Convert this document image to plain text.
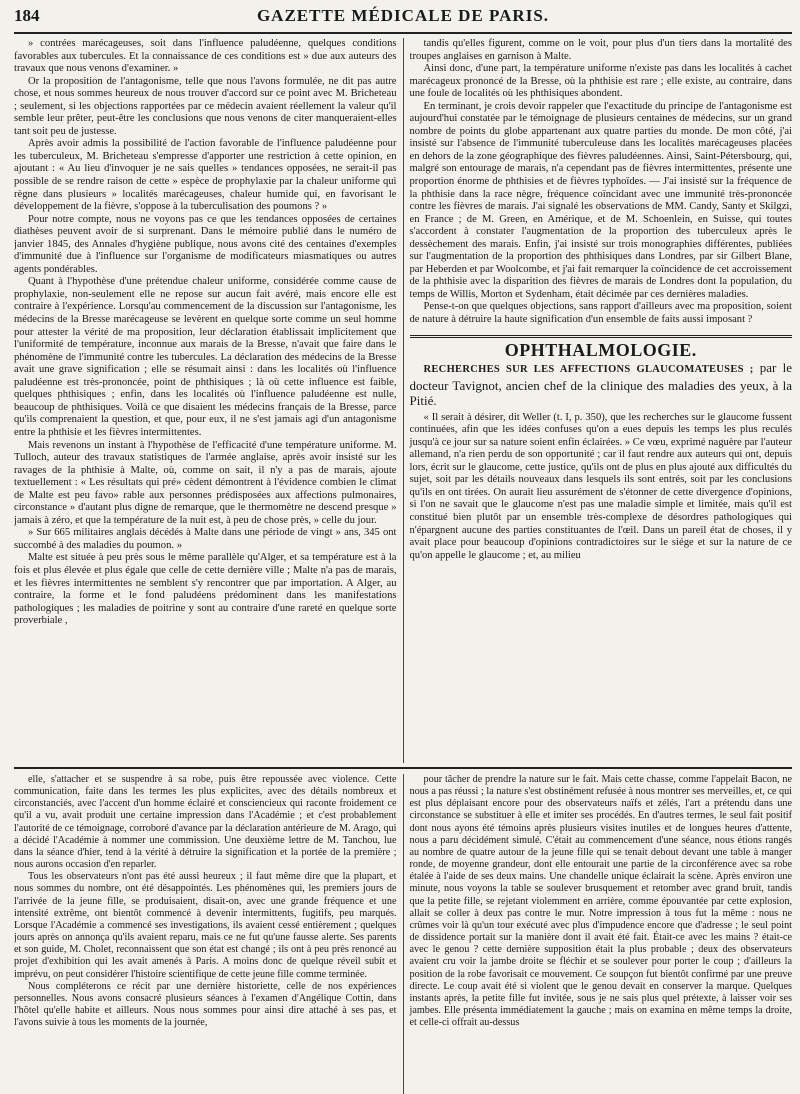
184	GAZETTE MÉDICALE DE PARIS.

» contrées marécageuses, soit dans l'influence paludéenne, quelques conditions favorables aux tubercules. Et la connaissance de ces conditions est » due aux auteurs des travaux que nous venons d'examiner. »

Or la proposition de l'antagonisme, telle que nous l'avons formulée, ne dit pas autre chose, et nous sommes heureux de nous trouver d'accord sur ce point avec M. Bricheteau ; seulement, si les objections rapportées par ce médecin avaient réellement la valeur qu'il semble leur prêter, peut-être les conclusions que nous venons de citer manqueraient-elles tant soit peu de justesse.

Après avoir admis la possibilité de l'action favorable de l'influence paludéenne pour les tuberculeux, M. Bricheteau s'empresse d'apporter une restriction à cette opinion, en ajoutant : « Au lieu d'invoquer je ne sais quelles » tendances opposées, ne serait-il pas possible de se rendre raison de cette » espèce de prophylaxie par la chaleur uniforme qui règne dans plusieurs » localités marécageuses, chaleur humide qui, en favorisant le développement de la fièvre, s'oppose à la tuberculisation des poumons ? »

Pour notre compte, nous ne voyons pas ce que les tendances opposées de certaines diathèses peuvent avoir de si surprenant. Dans le mémoire publié dans le numéro de janvier 1845, des Annales d'hygiène publique, nous avons cité des centaines d'exemples d'immunité due à l'influence sur l'organisme de modificateurs miasmatiques ou autres agents pondérables.

Quant à l'hypothèse d'une prétendue chaleur uniforme, considérée comme cause de prophylaxie, non-seulement elle ne repose sur aucun fait avéré, mais encore elle est contraire à l'expérience. Lorsqu'au commencement de la discussion sur l'antagonisme, les médecins de la Bresse marécageuse se levèrent en quelque sorte comme un seul homme pour attester la vérité de ma proposition, leur déclaration établissait implicitement que l'uniformité de température, inconnue aux marais de la Bresse, n'avait que faire dans le phénomène de l'immunité contre les tubercules. La déclaration des médecins de la Bresse avait une grave signification ; elle se résumait ainsi : dans les localités où l'influence paludéenne est très-prononcée, point de phthisiques ; là où cette influence est faible, quelques phthisiques ; enfin, dans les localités où l'influence paludéenne est nulle, beaucoup de phthisiques. Voilà ce que disaient les médecins français de la Bresse, parce qu'ils comprenaient la question, et que, pour eux, il ne s'est jamais agi d'un antagonisme entre la phthisie et les fièvres intermittentes.

Mais revenons un instant à l'hypothèse de l'efficacité d'une température uniforme. M. Tulloch, auteur des travaux statistiques de l'armée anglaise, après avoir insisté sur les ravages de la phthisie à Malte, où, comme on sait, il n'y a pas de marais, ajoute textuellement : « Les résultats qui pré» cèdent démontrent à l'évidence combien le climat de Malte est peu favo» rable aux personnes prédisposées aux affections pulmonaires, circonstance » d'autant plus digne de remarque, que le thermomètre ne descend presque » jamais à zéro, et que la température de la nuit est, à peu de chose près, » celle du jour.

» Sur 665 militaires anglais décédés à Malte dans une période de vingt » ans, 345 ont succombé à des maladies du poumon. »

Malte est située à peu près sous le même parallèle qu'Alger, et sa température est à la fois et plus élevée et plus égale que celle de cette dernière ville ; Malte n'a pas de marais, et les fièvres intermittentes ne semblent s'y rencontrer que par importation. A Alger, au contraire, la forme et le fond paludéens prédominent dans les manifestations pathologiques ; les maladies de poitrine y sont au contraire d'une rareté en quelque sorte proverbiale ,

tandis qu'elles figurent, comme on le voit, pour plus d'un tiers dans la mortalité des troupes anglaises en garnison à Malte.

Ainsi donc, d'une part, la température uniforme n'existe pas dans les localités à cachet marécageux prononcé de la Bresse, où la phthisie est rare ; elle existe, au contraire, dans une foule de localités où les phthisiques abondent.

En terminant, je crois devoir rappeler que l'exactitude du principe de l'antagonisme est aujourd'hui constatée par le témoignage de plusieurs centaines de médecins, sur un grand nombre de points du globe appartenant aux quatre parties du monde. De mon côté, j'ai insisté sur l'absence de l'immunité tuberculeuse dans les localités marécageuses placées en dehors de la zone géographique des fièvres paludéennes. Ainsi, Saint-Pétersbourg, qui, malgré son entourage de marais, n'a cependant pas de fièvres intermittentes, présente une proportion énorme de phthisies et de fièvres typhoïdes. — J'ai insisté sur la fréquence de la phthisie dans la race nègre, fréquence coïncidant avec une immunité très-prononcée contre les fièvres de marais. J'ai signalé les observations de MM. Candy, Santy et Skilgzi, en France ; de M. Green, en Amérique, et de M. Schoenlein, en Suisse, qui toutes s'accordent à constater l'augmentation de la proportion des tuberculeux après le dessèchement des marais. Enfin, j'ai insisté sur trois monographies différentes, publiées sur l'augmentation de la proportion des phthisiques dans Londres, par sir Gilbert Blane, par Heberden et par Woolcombe, et j'ai fait remarquer la coïncidence de cet accroissement de la phthisie avec la disparition des fièvres de marais de Londres dont la population, du temps de Willis, Morton et Sydenham, était décimée par ces dernières maladies.

Pense-t-on que quelques objections, sans rapport d'ailleurs avec ma proposition, soient de nature à détruire la haute signification d'un ensemble de faits aussi imposant ?

OPHTHALMOLOGIE.

RECHERCHES SUR LES AFFECTIONS GLAUCOMATEUSES ; par le docteur Tavignot, ancien chef de la clinique des maladies des yeux, à la Pitié.

« Il serait à désirer, dit Weller (t. I, p. 350), que les recherches sur le glaucome fussent continuées, afin que les idées confuses qu'on a eues depuis les temps les plus reculés jusqu'à ce jour sur sa nature soient enfin éclairées. » Ce vœu, exprimé naguère par l'auteur allemand, n'a rien perdu de son opportunité ; car il faut rendre aux auteurs qui ont, depuis lors, écrit sur le glaucome, cette justice, qu'ils ont de plus en plus ajouté aux difficultés du sujet, soit par les détails nouveaux dans lesquels ils sont entrés, soit par les conclusions qu'ils en ont tirées. On aurait lieu assurément de s'étonner de cette divergence d'opinions, si l'on ne savait que le glaucome n'est pas une maladie simple et limitée, mais qu'il est constitué bien plutôt par un ensemble très-complexe de désordres pathologiques qui n'épargnent aucune des parties constituantes de l'œil. Dans un pareil état de choses, il y avait place pour beaucoup d'opinions contradictoires sur le siége et sur la nature de ce qu'on appelle le glaucome ; et, au milieu

elle, s'attacher et se suspendre à sa robe, puis être repoussée avec violence. Cette communication, faite dans les termes les plus explicites, avec des détails nombreux et circonstanciés, avec l'accent d'un homme éclairé et consciencieux qui raconte froidement ce qu'il a vu, avait produit une certaine impression dans l'Académie ; et c'est probablement l'autorité de ce témoignage, corroboré d'avance par la déclaration antérieure de M. Arago, qui a décidé l'Académie à nommer une commission. Une deuxième lettre de M. Tanchou, lue dans la séance d'hier, tend à la vérité à détruire la signification et la portée de la première ; nous aurons occasion d'en reparler.

Tous les observateurs n'ont pas été aussi heureux ; il faut même dire que la plupart, et nous sommes du nombre, ont été désappointés. Les phénomènes qui, les premiers jours de l'arrivée de la jeune fille, se produisaient, disait-on, avec une grande fréquence et une intensité extrême, ont bientôt commencé à devenir intermittents, fugitifs, peu marqués. Lorsque l'Académie a commencé ses investigations, ils avaient cessé entièrement ; quelques jours après on annonça qu'ils avaient reparu, mais ce ne fut qu'une fausse alerte. Ses parents et son guide, M. Cholet, reconnaissent que son état est changé ; ils ont à peu près renoncé au projet d'exhibition qui les avait amenés à Paris. A moins donc de quelque réveil subit et imprévu, on peut considérer l'histoire scientifique de cette jeune fille comme terminée.

Nous compléterons ce récit par une dernière historiette, celle de nos expériences personnelles. Nous avons consacré plusieurs séances à l'examen d'Angélique Cottin, dans l'hôtel qu'elle habite et ailleurs. Nous nous sommes pour ainsi dire attaché à ses pas, et l'avons suivie à tous les moments de la journée,

pour tâcher de prendre la nature sur le fait. Mais cette chasse, comme l'appelait Bacon, ne nous a pas réussi ; la nature s'est obstinément refusée à nous montrer ses merveilles, et, ce qui est plus déplaisant encore pour des observateurs naïfs et zélés, l'art a prétendu dans une circonstance se substituer à elle et imiter ses procédés. En d'autres termes, le seul fait positif dont nous ayons été témoins après plusieurs visites inutiles et de longues heures d'attente, nous a paru décidément simulé. C'était au commencement d'une séance, nous étions rangés au nombre de quatre autour de la jeune fille qui se tenait debout devant une table à manger ronde, de moyenne grandeur, dont elle entourait une partie de la circonférence avec sa robe étalée à l'aide de ses deux mains. Une chandelle unique éclairait la scène. Après environ une minute, nous voyons la table se soulever brusquement et retomber avec grand bruit, tandis que la petite fille, se rejetant violemment en arrière, comme épouvantée par cette explosion, allait se coller à deux pas contre le mur. Notre impression à tous fut la même : nous ne crûmes voir là qu'un tour exécuté avec plus d'impudence encore que d'adresse ; le seul point de dissidence portait sur la manière dont il avait été fait. Était-ce avec les mains ? était-ce avec le genou ? cette dernière supposition était la plus probable ; deux des observateurs avaient cru voir la jambe droite se fléchir et se soulever pour porter le coup ; d'ailleurs la position de la robe favorisait ce mouvement. Ce soupçon fut bientôt confirmé par une preuve directe. Le coup avait été si violent que le genou devait en conserver la marque. Quelques instants après, la petite fille fut invitée, sous je ne sais plus quel prétexte, à laisser voir ses jambes. Elle présenta immédiatement la gauche ; mais on examina en même temps la droite, et celle-ci offrait au-dessus
